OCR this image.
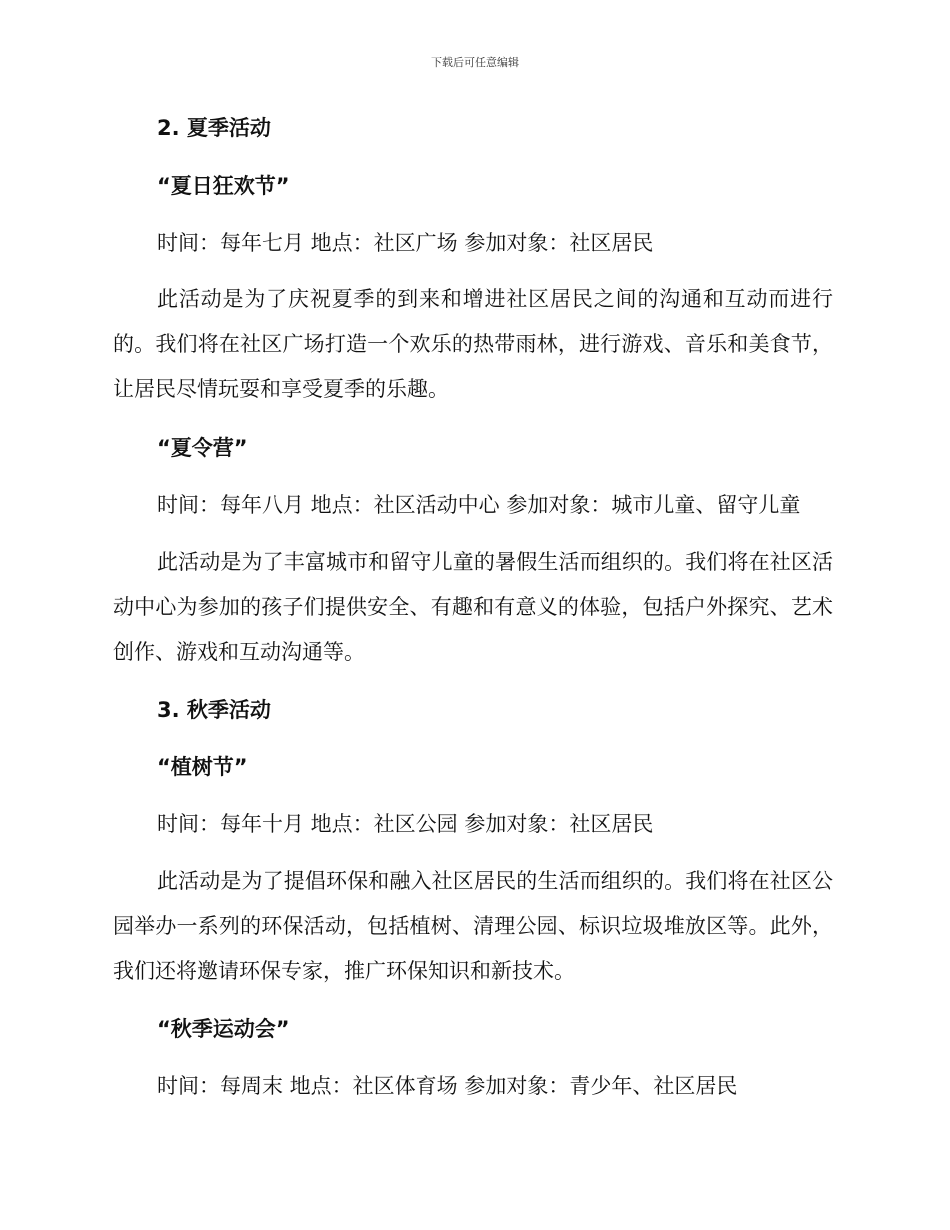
下载后可任意编辑
2. 夏季活动
“夏日狂欢节”
时间：每年七月 地点：社区广场 参加对象：社区居民
此活动是为了庆祝夏季的到来和增进社区居民之间的沟通和互动而进行的。我们将在社区广场打造一个欢乐的热带雨林，进行游戏、音乐和美食节，让居民尽情玩耍和享受夏季的乐趣。
“夏令营”
时间：每年八月 地点：社区活动中心 参加对象：城市儿童、留守儿童
此活动是为了丰富城市和留守儿童的暑假生活而组织的。我们将在社区活动中心为参加的孩子们提供安全、有趣和有意义的体验，包括户外探究、艺术创作、游戏和互动沟通等。
3. 秋季活动
“植树节”
时间：每年十月 地点：社区公园 参加对象：社区居民
此活动是为了提倡环保和融入社区居民的生活而组织的。我们将在社区公园举办一系列的环保活动，包括植树、清理公园、标识垃圾堆放区等。此外，我们还将邀请环保专家，推广环保知识和新技术。
“秋季运动会”
时间：每周末 地点：社区体育场 参加对象：青少年、社区居民
